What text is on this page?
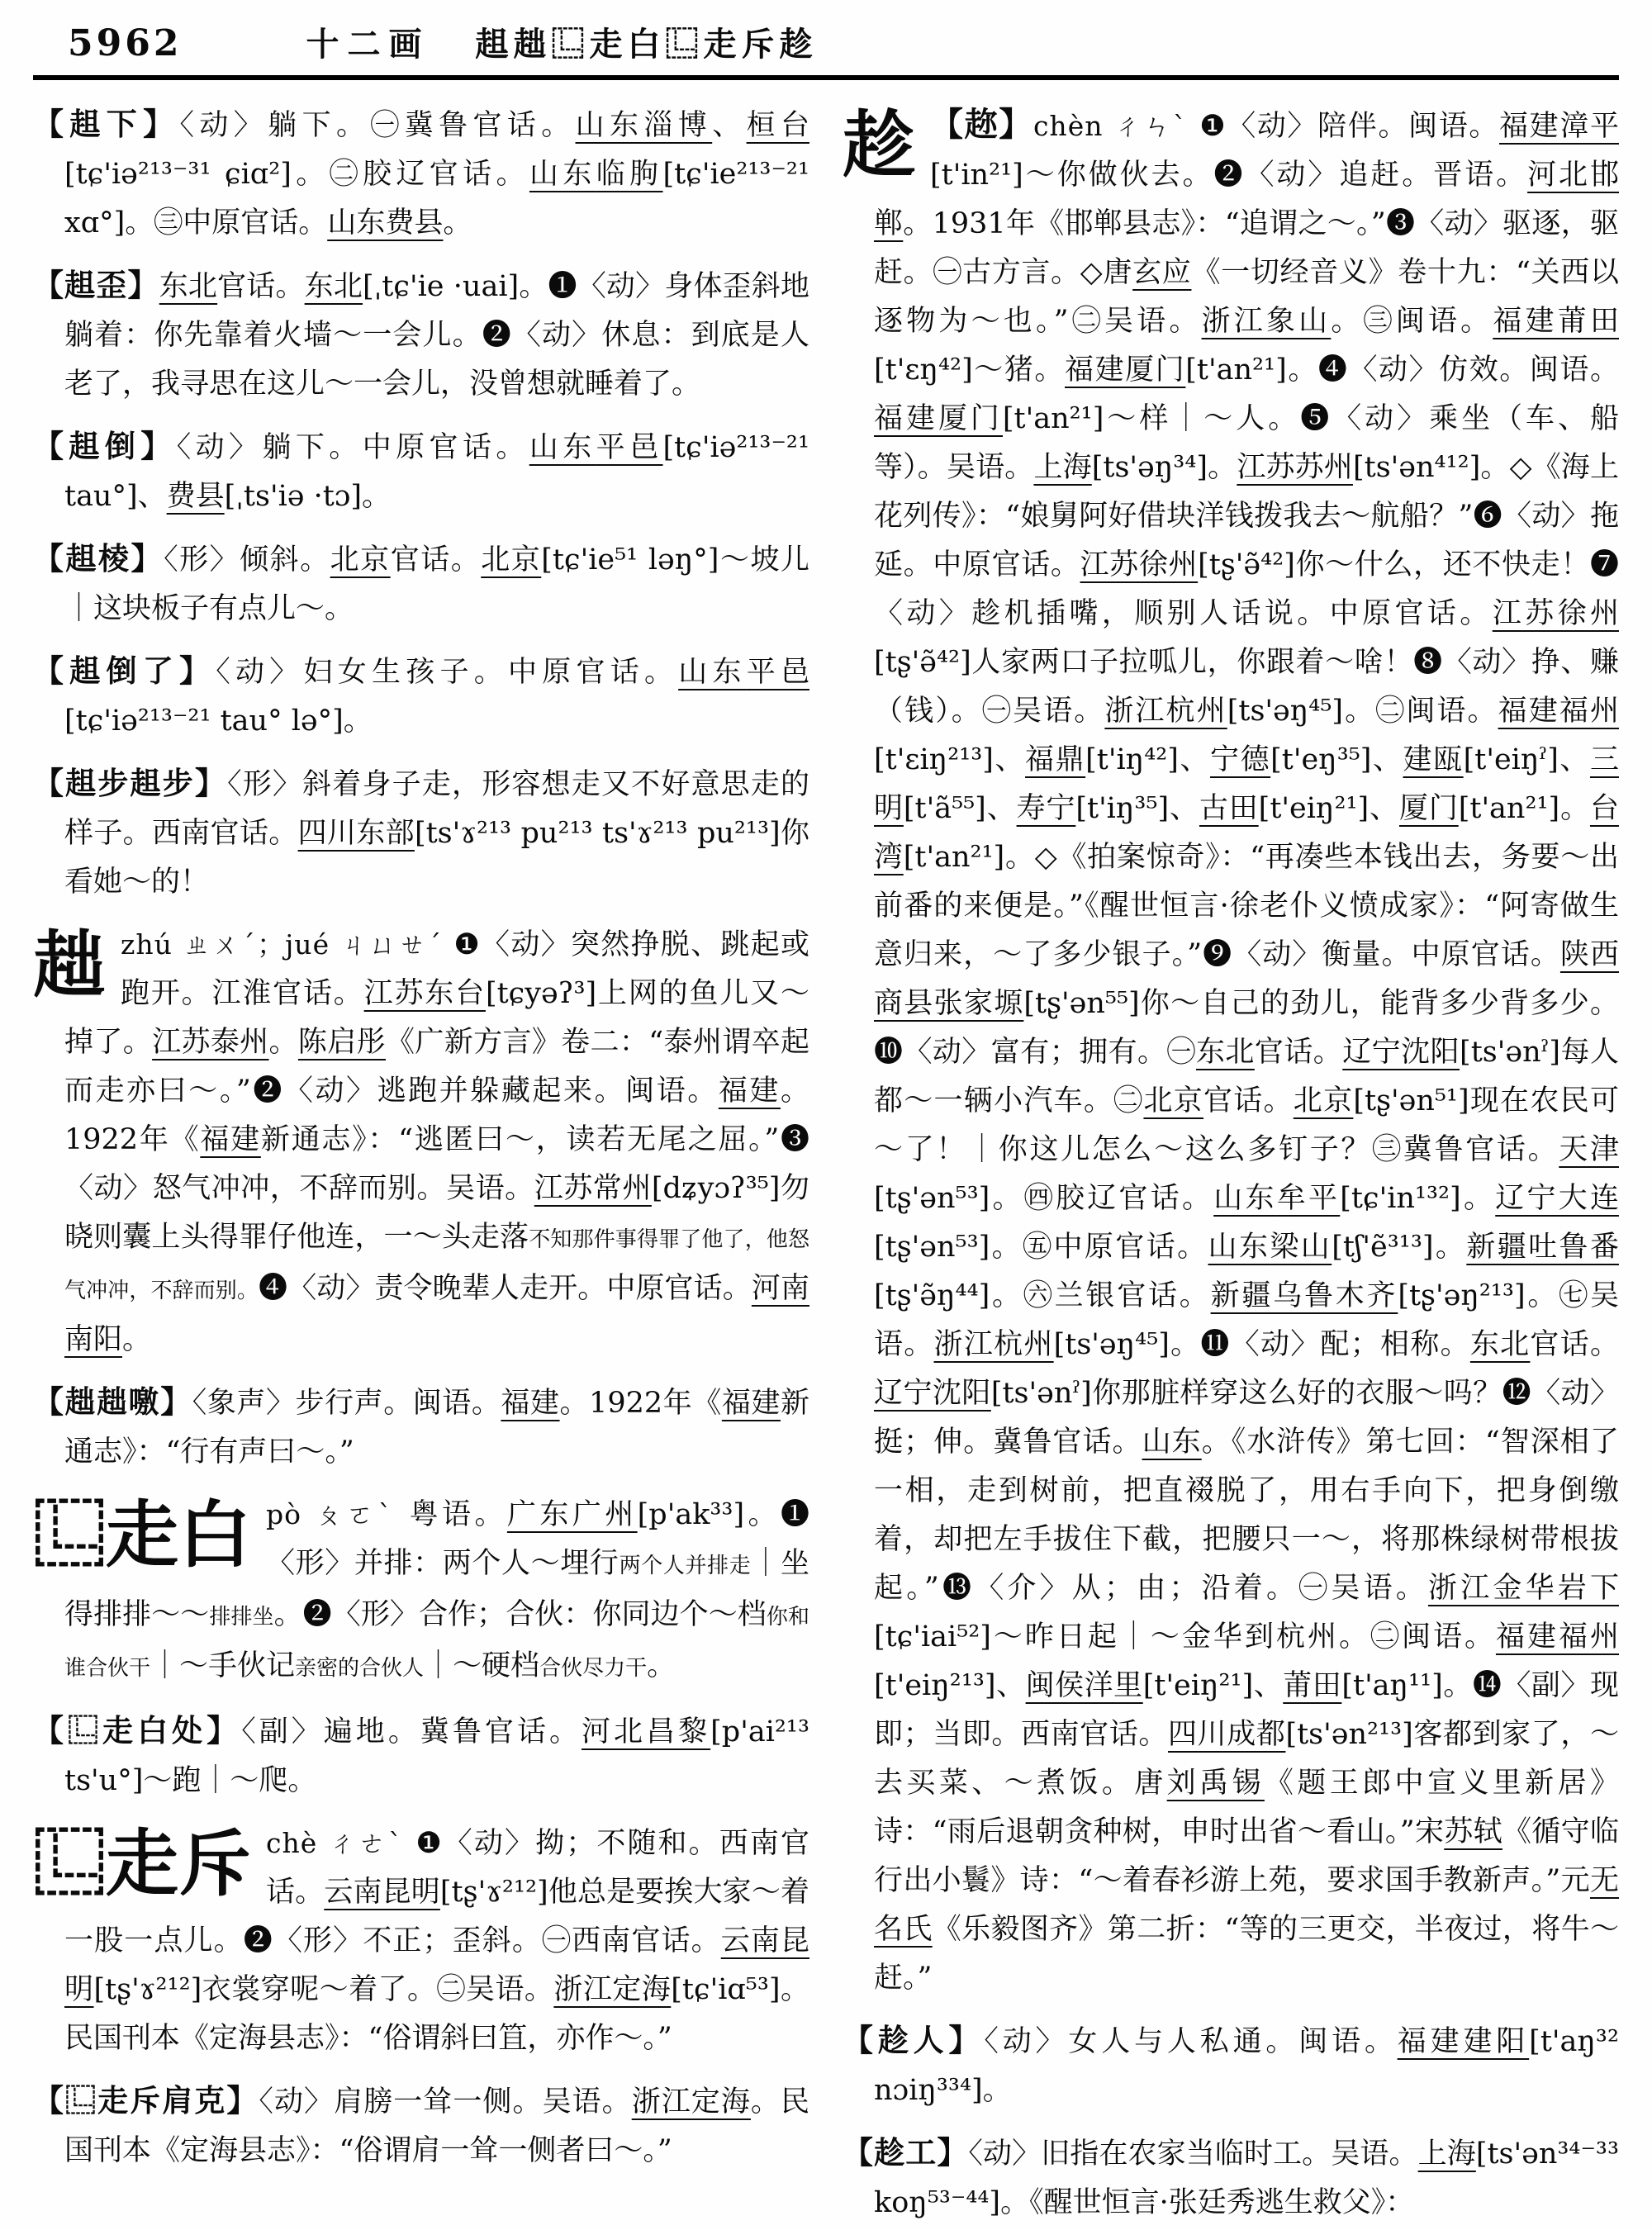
5962	十二画 趄趉⿺走白⿺走斥趁

【趄下】〈动〉躺下。㊀冀鲁官话。山东淄博、桓台[tɕ'iə²¹³⁻³¹ ɕiɑ²]。㊁胶辽官话。山东临朐[tɕ'ie²¹³⁻²¹ xɑ°]。㊂中原官话。山东费县。

【趄歪】东北官话。东北[ˌtɕ'ie ·uai]。❶〈动〉身体歪斜地躺着：你先靠着火墙～一会儿。❷〈动〉休息：到底是人老了，我寻思在这儿～一会儿，没曾想就睡着了。

【趄倒】〈动〉躺下。中原官话。山东平邑[tɕ'iə²¹³⁻²¹ tau°]、费县[ˌts'iə ·tɔ]。

【趄棱】〈形〉倾斜。北京官话。北京[tɕ'ie⁵¹ ləŋ°]～坡儿｜这块板子有点儿～。

【趄倒了】〈动〉妇女生孩子。中原官话。山东平邑[tɕ'iə²¹³⁻²¹ tau° lə°]。

【趄步趄步】〈形〉斜着身子走，形容想走又不好意思走的样子。西南官话。四川东部[ts'ɤ²¹³ pu²¹³ ts'ɤ²¹³ pu²¹³]你看她～的！

趉zhú ㄓㄨˊ；jué ㄐㄩㄝˊ ❶〈动〉突然挣脱、跳起或跑开。江淮官话。江苏东台[tɕyəʔ³]上网的鱼儿又～掉了。江苏泰州。陈启彤《广新方言》卷二：“泰州谓卒起而走亦曰～。”❷〈动〉逃跑并躲藏起来。闽语。福建。1922年《福建新通志》：“逃匿曰～，读若无尾之屈。”❸〈动〉怒气冲冲，不辞而别。吴语。江苏常州[dʑyɔʔ³⁵]勿晓则囊上头得罪仔他连，一～头走落不知那件事得罪了他了，他怒气冲冲，不辞而别。❹〈动〉责令晚辈人走开。中原官话。河南南阳。

【趉趉噭】〈象声〉步行声。闽语。福建。1922年《福建新通志》：“行有声曰～。”

⿺走白 pò ㄆㄛˋ 粤语。广东广州[p'ak³³]。❶〈形〉并排：两个人～埋行两个人并排走｜坐得排排～～排排坐。❷〈形〉合作；合伙：你同边个～档你和谁合伙干｜～手伙记亲密的合伙人｜～硬档合伙尽力干。

【⿺走白处】〈副〉遍地。冀鲁官话。河北昌黎[p'ai²¹³ ts'u°]～跑｜～爬。

⿺走斥 chè ㄔㄜˋ ❶〈动〉拗；不随和。西南官话。云南昆明[tʂ'ɤ²¹²]他总是要挨大家～着一股一点儿。❷〈形〉不正；歪斜。㊀西南官话。云南昆明[tʂ'ɤ²¹²]衣裳穿呢～着了。㊁吴语。浙江定海[tɕ'iɑ⁵³]。民国刊本《定海县志》：“俗谓斜曰笡，亦作～。”

【⿺走斥肩克】〈动〉肩膀一耸一侧。吴语。浙江定海。民国刊本《定海县志》：“俗谓肩一耸一侧者曰～。”

趁 【趂】chèn ㄔㄣˋ ❶〈动〉陪伴。闽语。福建漳平[t'in²¹]～你做伙去。❷〈动〉追赶。晋语。河北邯郸。1931年《邯郸县志》：“追谓之～。”❸〈动〉驱逐，驱赶。㊀古方言。◇唐玄应《一切经音义》卷十九：“关西以逐物为～也。”㊁吴语。浙江象山。㊂闽语。福建莆田[t'ɛŋ⁴²]～猪。福建厦门[t'an²¹]。❹〈动〉仿效。闽语。福建厦门[t'an²¹]～样｜～人。❺〈动〉乘坐（车、船等）。吴语。上海[ts'əŋ³⁴]。江苏苏州[ts'ən⁴¹²]。◇《海上花列传》：“娘舅阿好借块洋钱拨我去～航船？”❻〈动〉拖延。中原官话。江苏徐州[tʂ'ə̃⁴²]你～什么，还不快走！❼〈动〉趁机插嘴，顺别人话说。中原官话。江苏徐州[tʂ'ə̃⁴²]人家两口子拉呱儿，你跟着～啥！❽〈动〉挣、赚（钱）。㊀吴语。浙江杭州[ts'əŋ⁴⁵]。㊁闽语。福建福州[t'ɛiŋ²¹³]、福鼎[t'iŋ⁴²]、宁德[t'eŋ³⁵]、建瓯[t'eiŋˀ]、三明[t'ã⁵⁵]、寿宁[t'iŋ³⁵]、古田[t'eiŋ²¹]、厦门[t'an²¹]。台湾[t'an²¹]。◇《拍案惊奇》：“再凑些本钱出去，务要～出前番的来便是。”《醒世恒言·徐老仆义愤成家》：“阿寄做生意归来，～了多少银子。”❾〈动〉衡量。中原官话。陕西商县张家塬[tʂ'ən⁵⁵]你～自己的劲儿，能背多少背多少。❿〈动〉富有；拥有。㊀东北官话。辽宁沈阳[ts'ənˀ]每人都～一辆小汽车。㊁北京官话。北京[tʂ'ən⁵¹]现在农民可～了！｜你这儿怎么～这么多钉子？㊂冀鲁官话。天津[tʂ'ən⁵³]。㊃胶辽官话。山东牟平[tɕ'in¹³²]。辽宁大连[tʂ'ən⁵³]。㊄中原官话。山东梁山[tʃ'ẽ³¹³]。新疆吐鲁番[tʂ'ə̃ŋ⁴⁴]。㊅兰银官话。新疆乌鲁木齐[tʂ'əŋ²¹³]。㊆吴语。浙江杭州[ts'əŋ⁴⁵]。⓫〈动〉配；相称。东北官话。辽宁沈阳[ts'ənˀ]你那脏样穿这么好的衣服～吗？⓬〈动〉挺；伸。冀鲁官话。山东。《水浒传》第七回：“智深相了一相，走到树前，把直裰脱了，用右手向下，把身倒缴着，却把左手拔住下截，把腰只一～，将那株绿树带根拔起。”⓭〈介〉从；由；沿着。㊀吴语。浙江金华岩下[tɕ'iai⁵²]～昨日起｜～金华到杭州。㊁闽语。福建福州[t'eiŋ²¹³]、闽侯洋里[t'eiŋ²¹]、莆田[t'aŋ¹¹]。⓮〈副〉现即；当即。西南官话。四川成都[ts'ən²¹³]客都到家了，～去买菜、～煮饭。唐刘禹锡《题王郎中宣义里新居》诗：“雨后退朝贪种树，申时出省～看山。”宋苏轼《循守临行出小鬟》诗：“～着春衫游上苑，要求国手教新声。”元无名氏《乐毅图齐》第二折：“等的三更交，半夜过，将牛～赶。”

【趁人】〈动〉女人与人私通。闽语。福建建阳[t'aŋ³² nɔiŋ³³⁴]。

【趁工】〈动〉旧指在农家当临时工。吴语。上海[ts'ən³⁴⁻³³ koŋ⁵³⁻⁴⁴]。《醒世恒言·张廷秀逃生救父》：
